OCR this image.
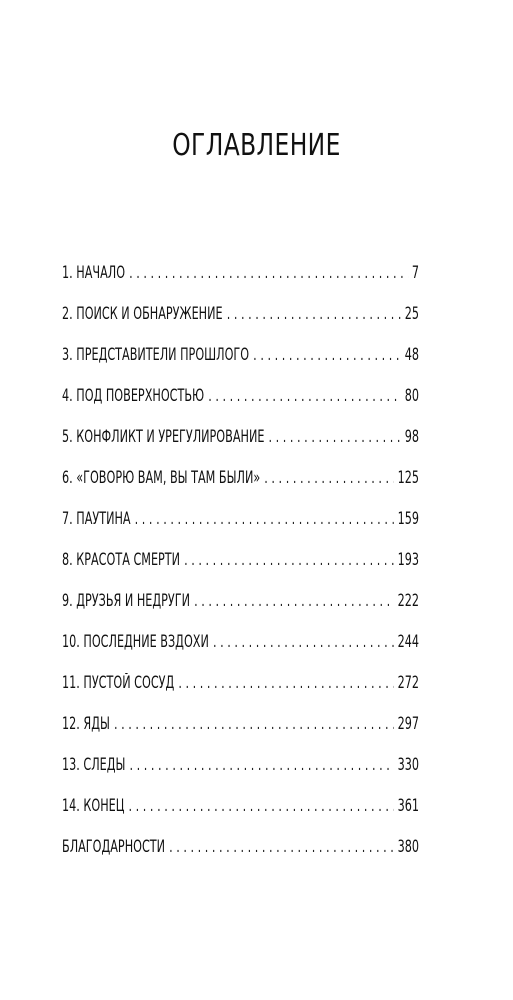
ОГЛАВЛЕНИЕ
1. НАЧАЛО . . .	7
2. ПОИСК И ОБНАРУЖЕНИЕ . . .	25
3. ПРЕДСТАВИТЕЛИ ПРОШЛОГО . . .	48
4. ПОД ПОВЕРХНОСТЬЮ . . .	80
5. КОНФЛИКТ И УРЕГУЛИРОВАНИЕ . . .	98
6. «ГОВОРЮ ВАМ, ВЫ ТАМ БЫЛИ» . . .	125
7. ПАУТИНА . . .	159
8. КРАСОТА СМЕРТИ . . .	193
9. ДРУЗЬЯ И НЕДРУГИ . . .	222
10. ПОСЛЕДНИЕ ВЗДОХИ . . .	244
11. ПУСТОЙ СОСУД . . .	272
12. ЯДЫ . . .	297
13. СЛЕДЫ . . .	330
14. КОНЕЦ . . .	361
БЛАГОДАРНОСТИ . . .	380
